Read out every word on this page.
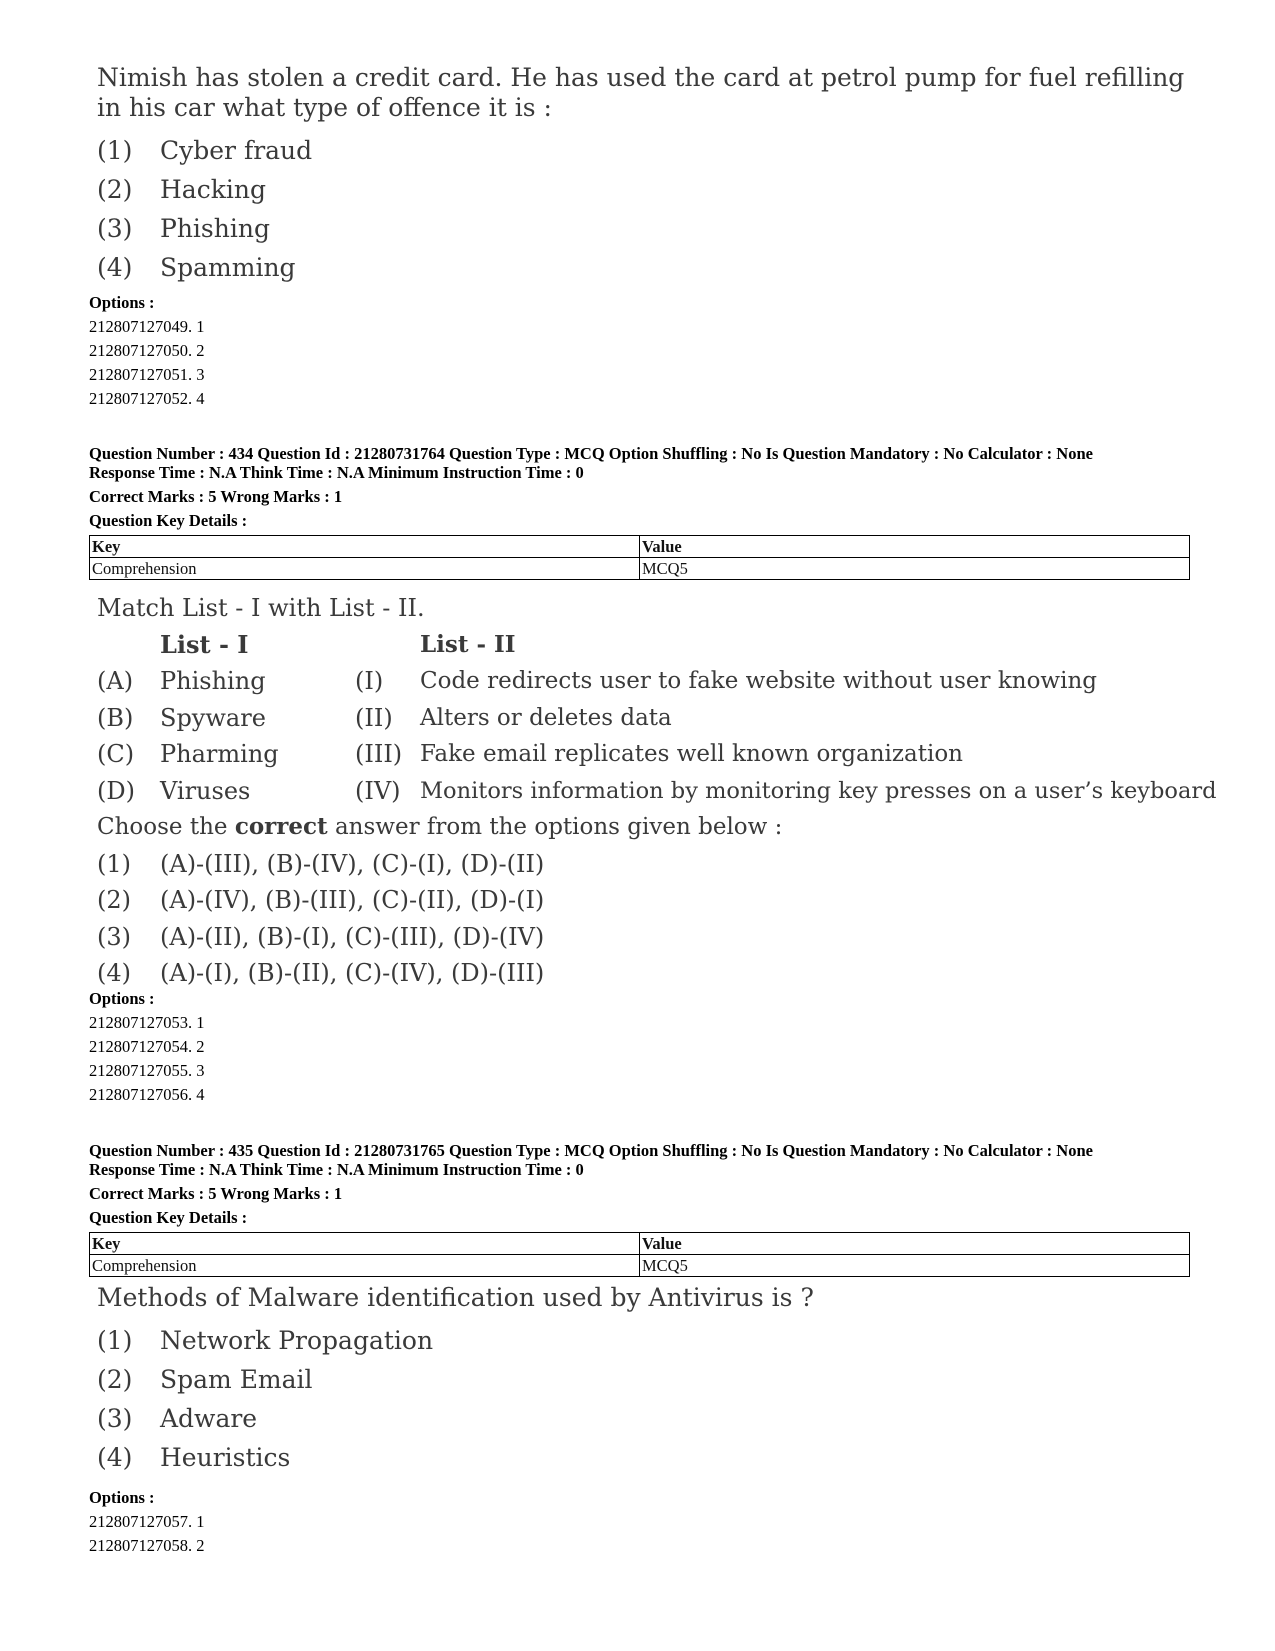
Nimish has stolen a credit card. He has used the card at petrol pump for fuel refilling in his car what type of offence it is :
(1) Cyber fraud
(2) Hacking
(3) Phishing
(4) Spamming
Options :
212807127049. 1
212807127050. 2
212807127051. 3
212807127052. 4
Question Number : 434 Question Id : 21280731764 Question Type : MCQ Option Shuffling : No Is Question Mandatory : No Calculator : None
Response Time : N.A Think Time : N.A Minimum Instruction Time : 0
Correct Marks : 5 Wrong Marks : 1
Question Key Details :
Key	Value
Comprehension	MCQ5
Match List - I with List - II.
List - I	List - II
(A) Phishing	(I) Code redirects user to fake website without user knowing
(B) Spyware	(II) Alters or deletes data
(C) Pharming	(III) Fake email replicates well known organization
(D) Viruses	(IV) Monitors information by monitoring key presses on a user’s keyboard
Choose the correct answer from the options given below :
(1) (A)-(III), (B)-(IV), (C)-(I), (D)-(II)
(2) (A)-(IV), (B)-(III), (C)-(II), (D)-(I)
(3) (A)-(II), (B)-(I), (C)-(III), (D)-(IV)
(4) (A)-(I), (B)-(II), (C)-(IV), (D)-(III)
Options :
212807127053. 1
212807127054. 2
212807127055. 3
212807127056. 4
Question Number : 435 Question Id : 21280731765 Question Type : MCQ Option Shuffling : No Is Question Mandatory : No Calculator : None
Response Time : N.A Think Time : N.A Minimum Instruction Time : 0
Correct Marks : 5 Wrong Marks : 1
Question Key Details :
Key	Value
Comprehension	MCQ5
Methods of Malware identification used by Antivirus is ?
(1) Network Propagation
(2) Spam Email
(3) Adware
(4) Heuristics
Options :
212807127057. 1
212807127058. 2
